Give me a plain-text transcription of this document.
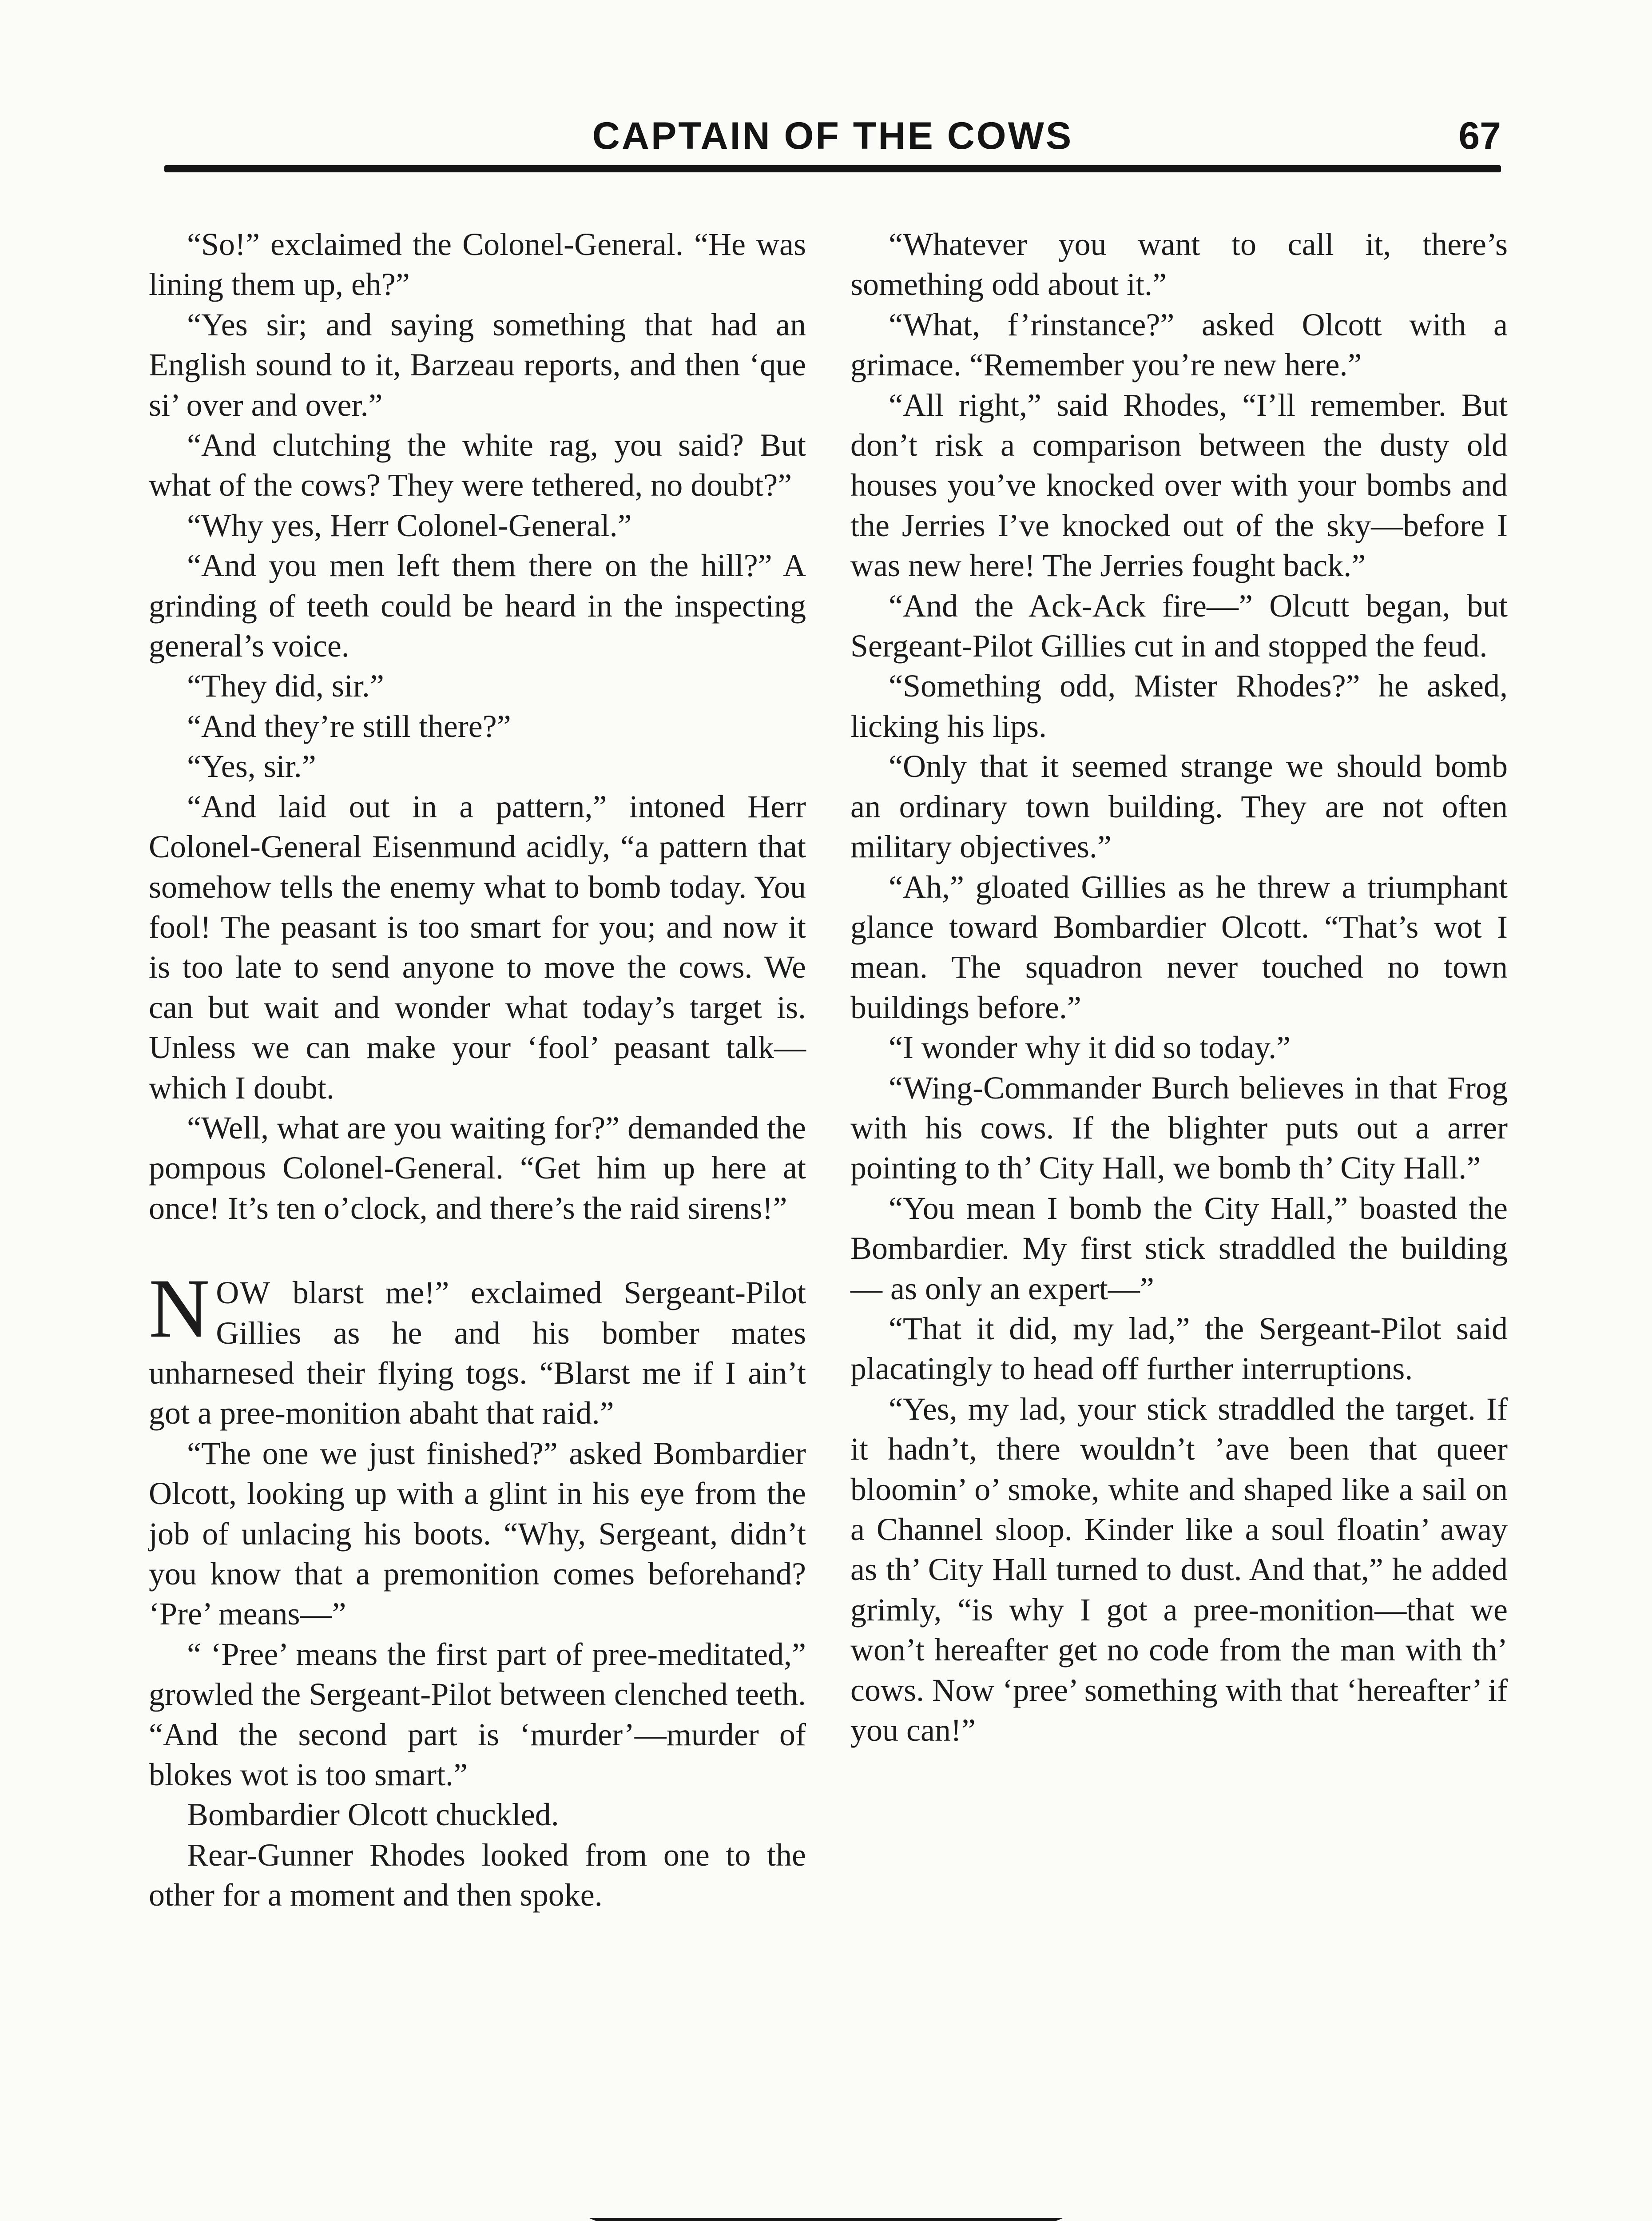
CAPTAIN OF THE COWS	67

“So!” exclaimed the Colonel-General. “He was lining them up, eh?”

“Yes sir; and saying something that had an English sound to it, Barzeau reports, and then ‘que si’ over and over.”

“And clutching the white rag, you said? But what of the cows? They were tethered, no doubt?”

“Why yes, Herr Colonel-General.”

“And you men left them there on the hill?” A grinding of teeth could be heard in the inspecting general’s voice.

“They did, sir.”

“And they’re still there?”

“Yes, sir.”

“And laid out in a pattern,” intoned Herr Colonel-General Eisenmund acidly, “a pattern that somehow tells the enemy what to bomb today. You fool! The peasant is too smart for you; and now it is too late to send anyone to move the cows. We can but wait and wonder what today’s target is. Unless we can make your ‘fool’ peasant talk—which I doubt.

“Well, what are you waiting for?” demanded the pompous Colonel-General. “Get him up here at once! It’s ten o’clock, and there’s the raid sirens!”

NOW blarst me!” exclaimed Sergeant-Pilot Gillies as he and his bomber mates unharnesed their flying togs. “Blarst me if I ain’t got a pree-monition abaht that raid.”

“The one we just finished?” asked Bombardier Olcott, looking up with a glint in his eye from the job of unlacing his boots. “Why, Sergeant, didn’t you know that a premonition comes beforehand? ‘Pre’ means—”

“ ‘Pree’ means the first part of pree-meditated,” growled the Sergeant-Pilot between clenched teeth. “And the second part is ‘murder’—murder of blokes wot is too smart.”

Bombardier Olcott chuckled.

Rear-Gunner Rhodes looked from one to the other for a moment and then spoke.

“Whatever you want to call it, there’s something odd about it.”

“What, f’rinstance?” asked Olcott with a grimace. “Remember you’re new here.”

“All right,” said Rhodes, “I’ll remember. But don’t risk a comparison between the dusty old houses you’ve knocked over with your bombs and the Jerries I’ve knocked out of the sky—before I was new here! The Jerries fought back.”

“And the Ack-Ack fire—” Olcutt began, but Sergeant-Pilot Gillies cut in and stopped the feud.

“Something odd, Mister Rhodes?” he asked, licking his lips.

“Only that it seemed strange we should bomb an ordinary town building. They are not often military objectives.”

“Ah,” gloated Gillies as he threw a triumphant glance toward Bombardier Olcott. “That’s wot I mean. The squadron never touched no town buildings before.”

“I wonder why it did so today.”

“Wing-Commander Burch believes in that Frog with his cows. If the blighter puts out a arrer pointing to th’ City Hall, we bomb th’ City Hall.”

“You mean I bomb the City Hall,” boasted the Bombardier. My first stick straddled the building — as only an expert—”

“That it did, my lad,” the Sergeant-Pilot said placatingly to head off further interruptions.

“Yes, my lad, your stick straddled the target. If it hadn’t, there wouldn’t ’ave been that queer bloomin’ o’ smoke, white and shaped like a sail on a Channel sloop. Kinder like a soul floatin’ away as th’ City Hall turned to dust. And that,” he added grimly, “is why I got a pree-monition—that we won’t hereafter get no code from the man with th’ cows. Now ‘pree’ something with that ‘hereafter’ if you can!”
